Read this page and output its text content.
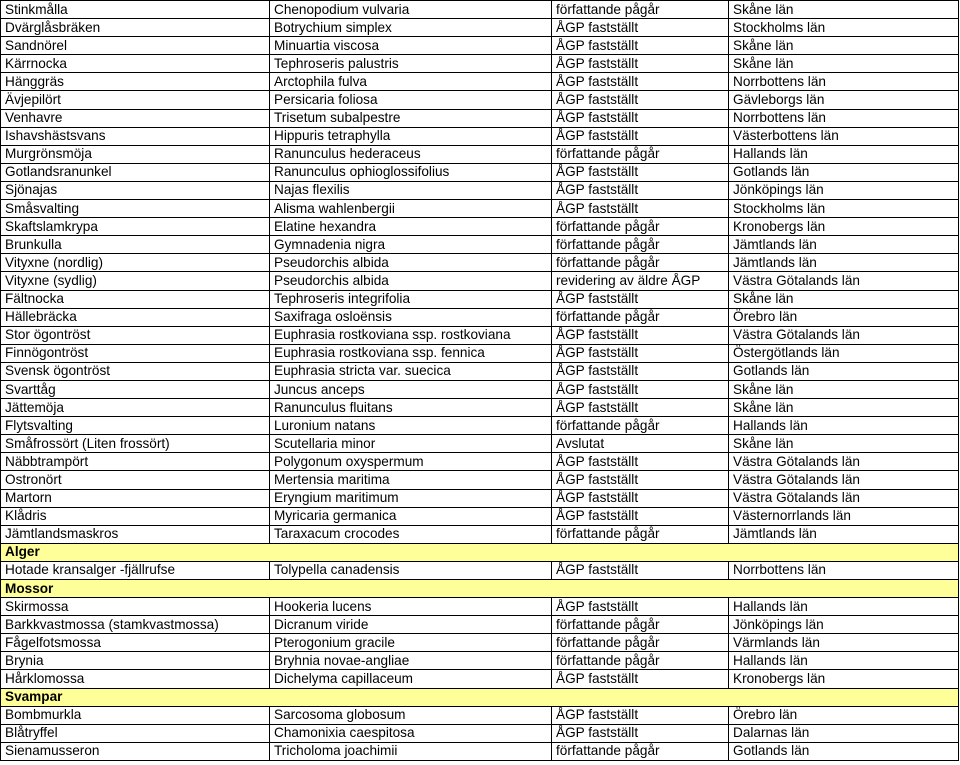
Stinkmålla	Chenopodium vulvaria	författande pågår	Skåne län
Dvärglåsbräken	Botrychium simplex	ÅGP fastställt	Stockholms län
Sandnörel	Minuartia viscosa	ÅGP fastställt	Skåne län
Kärrnocka	Tephroseris palustris	ÅGP fastställt	Skåne län
Hänggräs	Arctophila fulva	ÅGP fastställt	Norrbottens län
Ävjepilört	Persicaria foliosa	ÅGP fastställt	Gävleborgs län
Venhavre	Trisetum subalpestre	ÅGP fastställt	Norrbottens län
Ishavshästsvans	Hippuris tetraphylla	ÅGP fastställt	Västerbottens län
Murgrönsmöja	Ranunculus hederaceus	författande pågår	Hallands län
Gotlandsranunkel	Ranunculus ophioglossifolius	ÅGP fastställt	Gotlands län
Sjönajas	Najas flexilis	ÅGP fastställt	Jönköpings län
Småsvalting	Alisma wahlenbergii	ÅGP fastställt	Stockholms län
Skaftslamkrypa	Elatine hexandra	författande pågår	Kronobergs län
Brunkulla	Gymnadenia nigra	författande pågår	Jämtlands län
Vityxne (nordlig)	Pseudorchis albida	författande pågår	Jämtlands län
Vityxne (sydlig)	Pseudorchis albida	revidering av äldre ÅGP	Västra Götalands län
Fältnocka	Tephroseris integrifolia	ÅGP fastställt	Skåne län
Hällebräcka	Saxifraga osloënsis	författande pågår	Örebro län
Stor ögontröst	Euphrasia rostkoviana ssp. rostkoviana	ÅGP fastställt	Västra Götalands län
Finnögontröst	Euphrasia rostkoviana ssp. fennica	ÅGP fastställt	Östergötlands län
Svensk ögontröst	Euphrasia stricta var. suecica	ÅGP fastställt	Gotlands län
Svarttåg	Juncus anceps	ÅGP fastställt	Skåne län
Jättemöja	Ranunculus fluitans	ÅGP fastställt	Skåne län
Flytsvalting	Luronium natans	författande pågår	Hallands län
Småfrossört (Liten frossört)	Scutellaria minor	Avslutat	Skåne län
Näbbtrampört	Polygonum oxyspermum	ÅGP fastställt	Västra Götalands län
Ostronört	Mertensia maritima	ÅGP fastställt	Västra Götalands län
Martorn	Eryngium maritimum	ÅGP fastställt	Västra Götalands län
Klådris	Myricaria germanica	ÅGP fastställt	Västernorrlands län
Jämtlandsmaskros	Taraxacum crocodes	författande pågår	Jämtlands län
Alger			
Hotade kransalger -fjällrufse	Tolypella canadensis	ÅGP fastställt	Norrbottens län
Mossor			
Skirmossa	Hookeria lucens	ÅGP fastställt	Hallands län
Barkkvastmossa (stamkvastmossa)	Dicranum viride	författande pågår	Jönköpings län
Fågelfotsmossa	Pterogonium gracile	författande pågår	Värmlands län
Brynia	Bryhnia novae-angliae	författande pågår	Hallands län
Hårklomossa	Dichelyma capillaceum	ÅGP fastställt	Kronobergs län
Svampar			
Bombmurkla	Sarcosoma globosum	ÅGP fastställt	Örebro län
Blåtryffel	Chamonixia caespitosa	ÅGP fastställt	Dalarnas län
Sienamusseron	Tricholoma joachimii	författande pågår	Gotlands län
